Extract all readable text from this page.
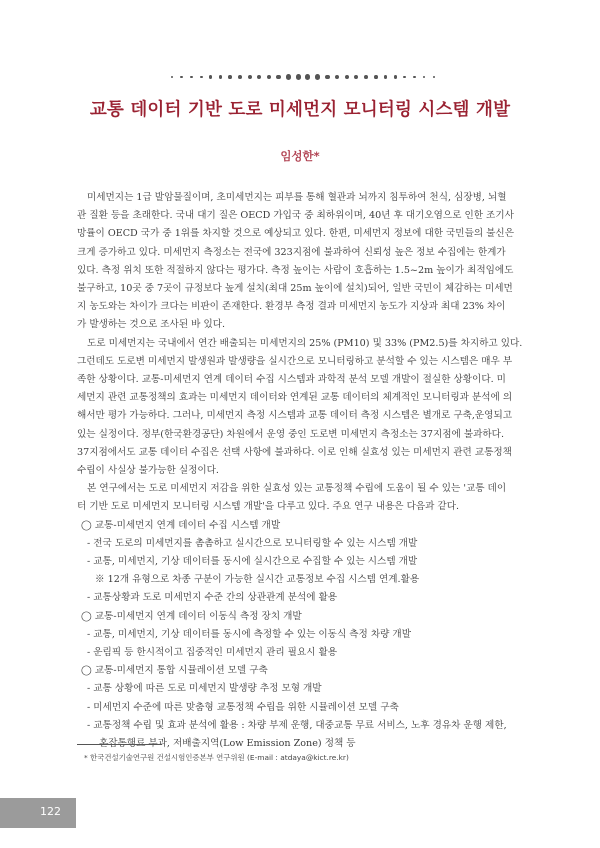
교통 데이터 기반 도로 미세먼지 모니터링 시스템 개발
임성한*

미세먼지는 1급 발암물질이며, 초미세먼지는 피부를 통해 혈관과 뇌까지 침투하여 천식, 심장병, 뇌혈
관 질환 등을 초래한다. 국내 대기 질은 OECD 가입국 중 최하위이며, 40년 후 대기오염으로 인한 조기사
망률이 OECD 국가 중 1위를 차지할 것으로 예상되고 있다. 한편, 미세먼지 정보에 대한 국민들의 불신은
크게 증가하고 있다. 미세먼지 측정소는 전국에 323지점에 불과하여 신뢰성 높은 정보 수집에는 한계가
있다. 측정 위치 또한 적절하지 않다는 평가다. 측정 높이는 사람이 호흡하는 1.5~2m 높이가 최적임에도
불구하고, 10곳 중 7곳이 규정보다 높게 설치(최대 25m 높이에 설치)되어, 일반 국민이 체감하는 미세먼
지 농도와는 차이가 크다는 비판이 존재한다. 환경부 측정 결과 미세먼지 농도가 지상과 최대 23% 차이
가 발생하는 것으로 조사된 바 있다.

도로 미세먼지는 국내에서 연간 배출되는 미세먼지의 25% (PM10) 및 33% (PM2.5)를 차지하고 있다.
그런데도 도로변 미세먼지 발생원과 발생량을 실시간으로 모니터링하고 분석할 수 있는 시스템은 매우 부
족한 상황이다. 교통-미세먼지 연계 데이터 수집 시스템과 과학적 분석 모델 개발이 절실한 상황이다. 미
세먼지 관련 교통정책의 효과는 미세먼지 데이터와 연계된 교통 데이터의 체계적인 모니터링과 분석에 의
해서만 평가 가능하다. 그러나, 미세먼지 측정 시스템과 교통 데이터 측정 시스템은 별개로 구축,운영되고
있는 실정이다. 정부(한국환경공단) 차원에서 운영 중인 도로변 미세먼지 측정소는 37지점에 불과하다.
37지점에서도 교통 데이터 수집은 선택 사항에 불과하다. 이로 인해 실효성 있는 미세먼지 관련 교통정책
수립이 사실상 불가능한 실정이다.

본 연구에서는 도로 미세먼지 저감을 위한 실효성 있는 교통정책 수립에 도움이 될 수 있는 '교통 데이
터 기반 도로 미세먼지 모니터링 시스템 개발'을 다루고 있다. 주요 연구 내용은 다음과 같다.

◯ 교통-미세먼지 연계 데이터 수집 시스템 개발
- 전국 도로의 미세먼지를 촘촘하고 실시간으로 모니터링할 수 있는 시스템 개발
- 교통, 미세먼지, 기상 데이터를 동시에 실시간으로 수집할 수 있는 시스템 개발
※ 12개 유형으로 차종 구분이 가능한 실시간 교통정보 수집 시스템 연계.활용
- 교통상황과 도로 미세먼지 수준 간의 상관관계 분석에 활용
◯ 교통-미세먼지 연계 데이터 이동식 측정 장치 개발
- 교통, 미세먼지, 기상 데이터를 동시에 측정할 수 있는 이동식 측정 차량 개발
- 운림픽 등 한시적이고 집중적인 미세먼지 관리 필요시 활용
◯ 교통-미세먼지 통합 시뮬레이션 모델 구축
- 교통 상황에 따른 도로 미세먼지 발생량 추정 모형 개발
- 미세먼지 수준에 따른 맞춤형 교통정책 수립을 위한 시뮬레이션 모델 구축
- 교통정책 수립 및 효과 분석에 활용 : 차량 부제 운행, 대중교통 무료 서비스, 노후 경유차 운행 제한,
혼잡통행료 부과, 저배출지역(Low Emission Zone) 정책 등
* 한국건설기술연구원 건설시험인증본부 연구위원 (E-mail : atdaya@kict.re.kr)
122
